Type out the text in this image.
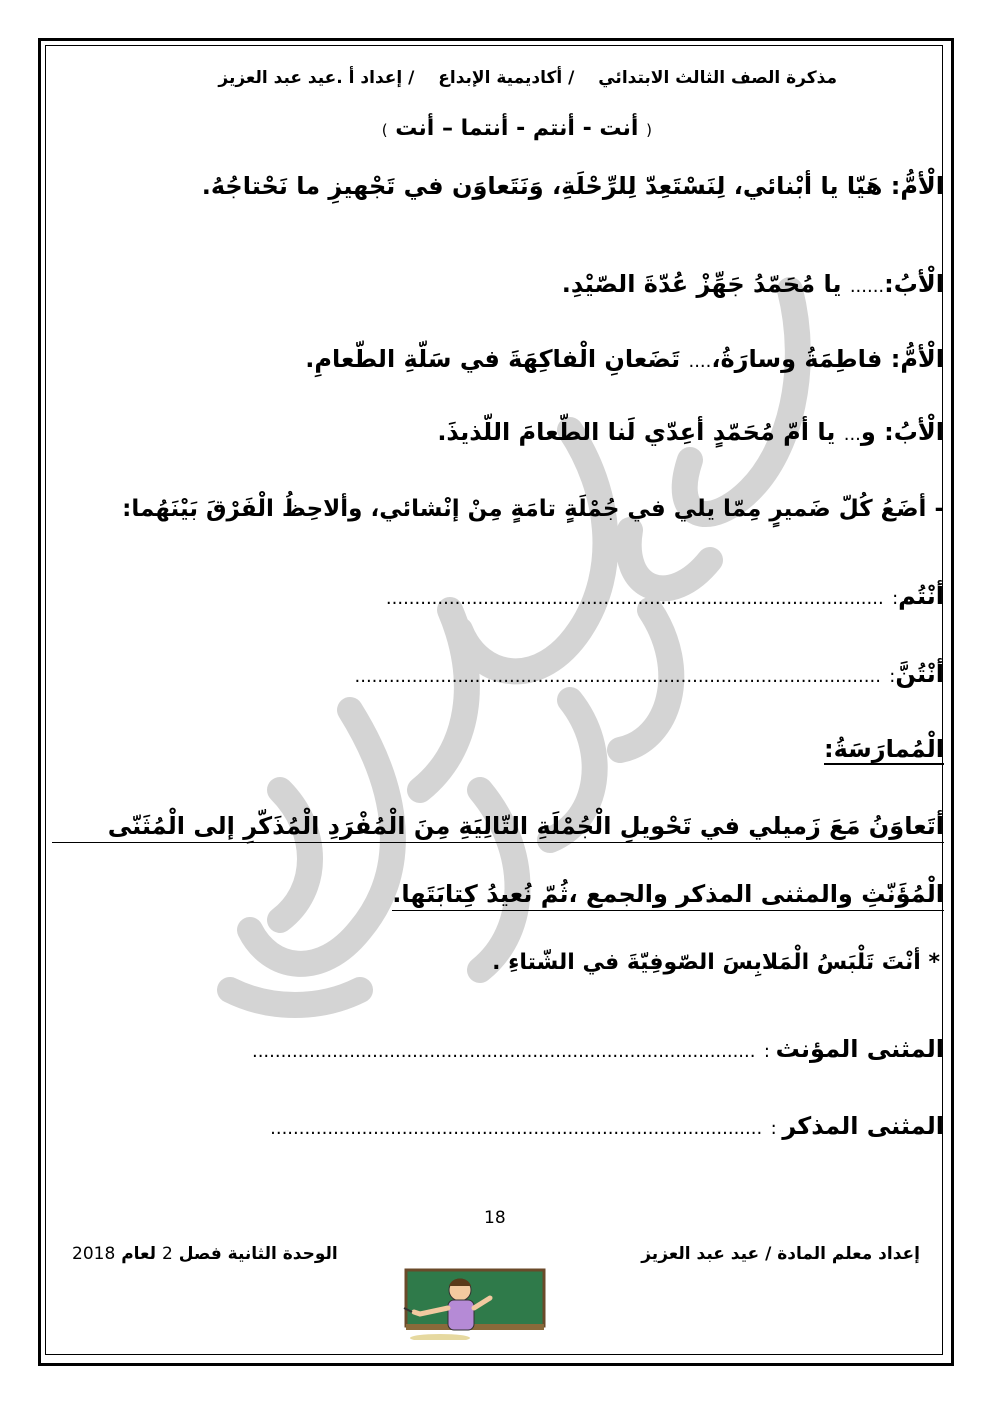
مذكرة الصف الثالث الابتدائي / أكاديمية الإبداع / إعداد أ .عيد عبد العزيز
( أنت - أنتم - أنتما – أنت )
الْأمُّ: هَيّا يا أبْنائي، لِنَسْتَعِدّ لِلرِّحْلَةِ، وَنَتَعاوَن في تَجْهيزِ ما نَحْتاجُهُ.
الْأبُ:...... يا مُحَمّدُ جَهِّزْ عُدّةَ الصّيْدِ.
الْأمُّ: فاطِمَةُ وسارَةُ،.... تَضَعانِ الْفاكِهَةَ في سَلّةِ الطّعامِ.
الْأبُ: و... يا أمّ مُحَمّدٍ أعِدّي لَنا الطّعامَ اللّذيذَ.
- أضَعُ كُلّ ضَميرٍ مِمّا يلي في جُمْلَةٍ تامَةٍ مِنْ إنْشائي، وألاحِظُ الْفَرْقَ بَيْنَهُما:
أنْتُم: .......................................................................................
أنْتُنَّ: ............................................................................................
الْمُمارَسَةُ:
أتَعاوَنُ مَعَ زَميلي في تَحْويلِ الْجُمْلَةِ التّالِيَةِ مِنَ الْمُفْرَدِ الْمُذَكّرِ إلى الْمُثَنّى
الْمُؤَنّثِ والمثنى المذكر والجمع ،ثُمّ نُعيدُ كِتابَتَها.
* أنْتَ تَلْبَسُ الْمَلابِسَ الصّوفِيّةَ في الشّتاءِ .
المثنى المؤنث : ........................................................................................
المثنى المذكر : ......................................................................................
18
إعداد معلم المادة / عيد عبد العزيز
الوحدة الثانية فصل 2 لعام 2018
